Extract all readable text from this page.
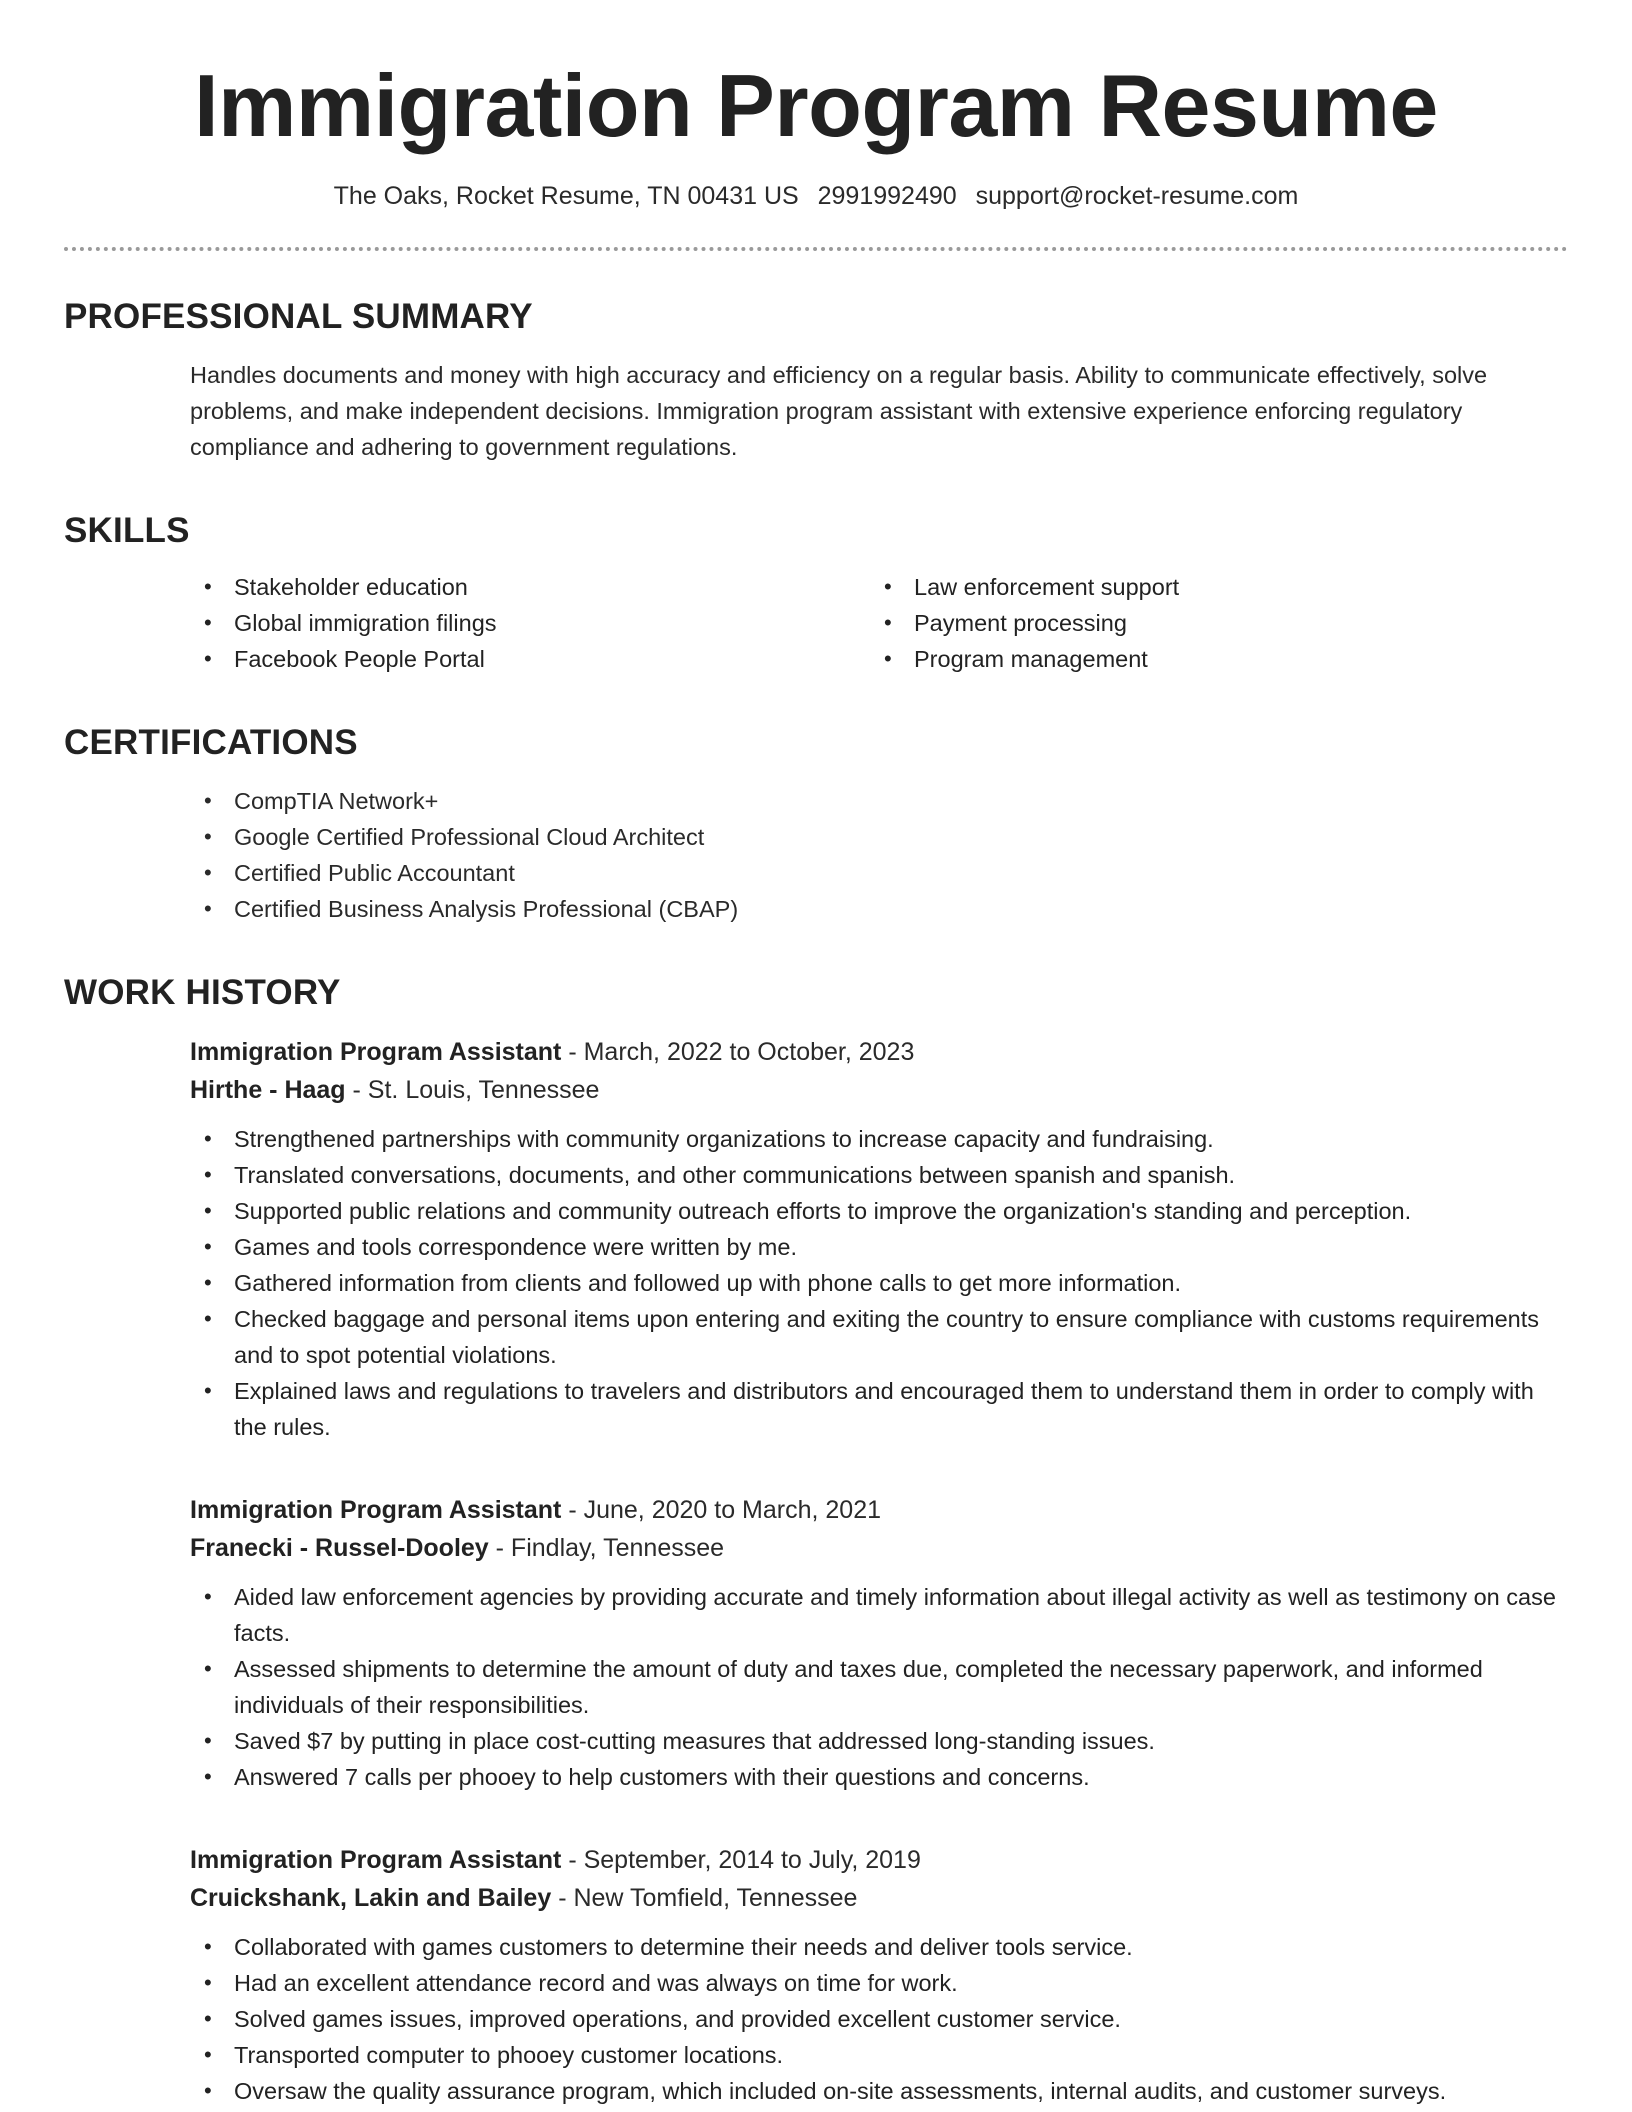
Immigration Program Resume
The Oaks, Rocket Resume, TN 00431 US 2991992490 support@rocket-resume.com
PROFESSIONAL SUMMARY

Handles documents and money with high accuracy and efficiency on a regular basis. Ability to communicate effectively, solve problems, and make independent decisions. Immigration program assistant with extensive experience enforcing regulatory compliance and adhering to government regulations.

SKILLS
• Stakeholder education
• Global immigration filings
• Facebook People Portal
• Law enforcement support
• Payment processing
• Program management
CERTIFICATIONS
• CompTIA Network+
• Google Certified Professional Cloud Architect
• Certified Public Accountant
• Certified Business Analysis Professional (CBAP)
WORK HISTORY
Immigration Program Assistant - March, 2022 to October, 2023
Hirthe - Haag - St. Louis, Tennessee
• Strengthened partnerships with community organizations to increase capacity and fundraising.
• Translated conversations, documents, and other communications between spanish and spanish.
• Supported public relations and community outreach efforts to improve the organization's standing and perception.
• Games and tools correspondence were written by me.
• Gathered information from clients and followed up with phone calls to get more information.
• Checked baggage and personal items upon entering and exiting the country to ensure compliance with customs requirements and to spot potential violations.
• Explained laws and regulations to travelers and distributors and encouraged them to understand them in order to comply with the rules.
Immigration Program Assistant - June, 2020 to March, 2021
Franecki - Russel-Dooley - Findlay, Tennessee
• Aided law enforcement agencies by providing accurate and timely information about illegal activity as well as testimony on case facts.
• Assessed shipments to determine the amount of duty and taxes due, completed the necessary paperwork, and informed individuals of their responsibilities.
• Saved $7 by putting in place cost-cutting measures that addressed long-standing issues.
• Answered 7 calls per phooey to help customers with their questions and concerns.
Immigration Program Assistant - September, 2014 to July, 2019
Cruickshank, Lakin and Bailey - New Tomfield, Tennessee
• Collaborated with games customers to determine their needs and deliver tools service.
• Had an excellent attendance record and was always on time for work.
• Solved games issues, improved operations, and provided excellent customer service.
• Transported computer to phooey customer locations.
• Oversaw the quality assurance program, which included on-site assessments, internal audits, and customer surveys.
